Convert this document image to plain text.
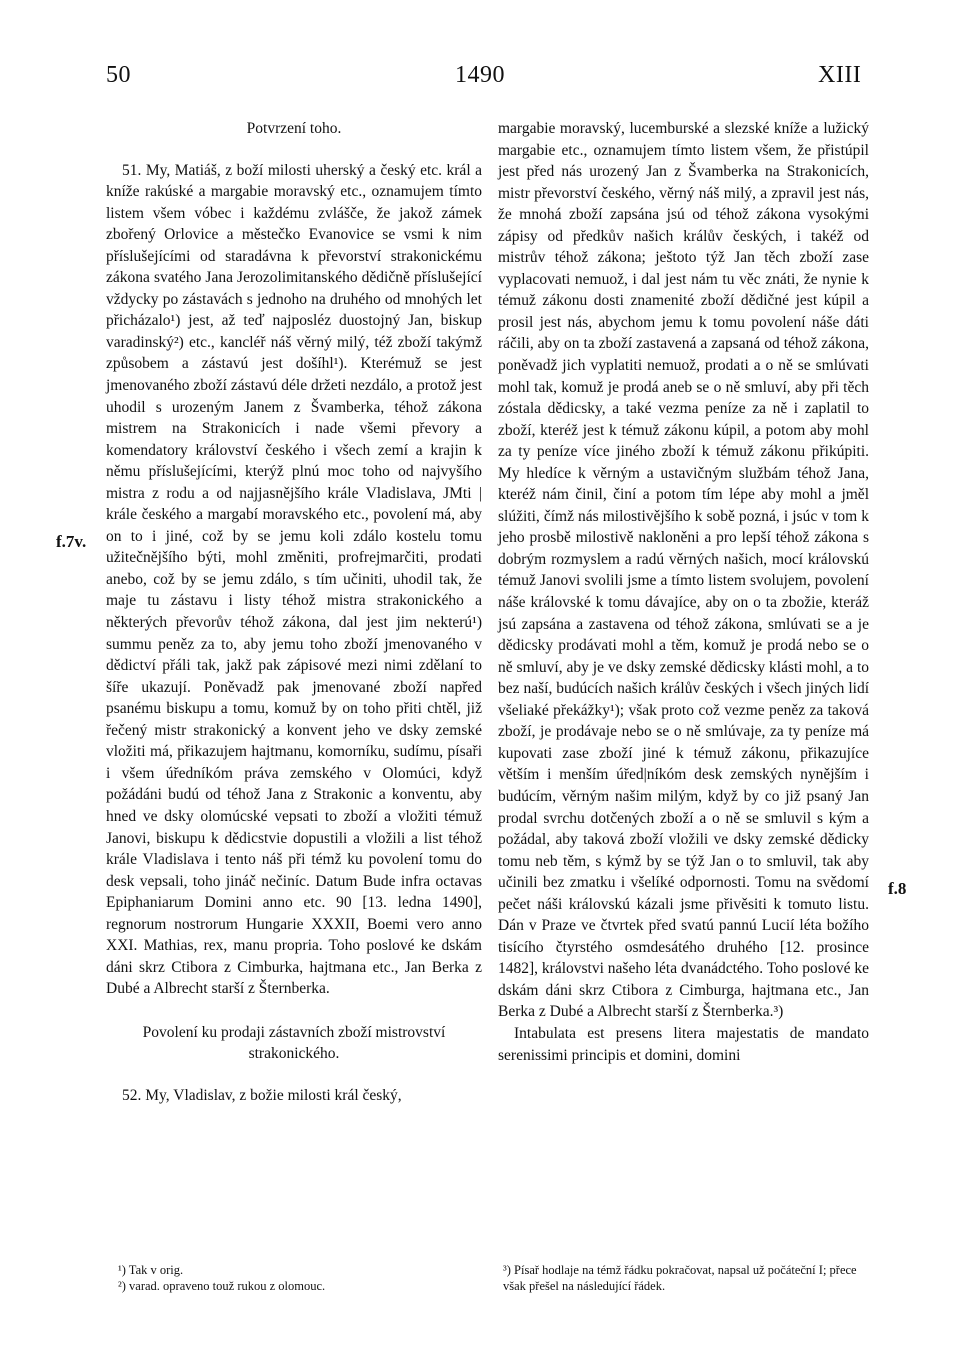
50	1490	XIII
f.7v.
f.8

Potvrzení toho.

51. My, Matiáš, z boží milosti uherský a český etc. král a kníže rakúské a margabie moravský etc., oznamujem tímto listem všem vóbec i každému zvlášče, že jakož zámek zbořený Orlovice a městečko Evanovice se vsmi k nim příslušejícími od staradávna k převorství strakonickému zákona svatého Jana Jerozolimitanského dědičně příslušející vždycky po zástavách s jednoho na druhého od mnohých let přicházalo¹) jest, až teď najposléz duostojný Jan, biskup varadinský²) etc., kancléř náš věrný milý, též zboží takýmž způsobem a zástavú jest došíhl¹). Kterémuž se jest jmenovaného zboží zástavú déle držeti nezdálo, a protož jest uhodil s urozeným Janem z Švamberka, téhož zákona mistrem na Strakonicích i nade všemi převory a komendatory království českého i všech zemí a krajin k němu příslušejícími, kterýž plnú moc toho od najvyšího mistra z rodu a od najjasnějšího krále Vladislava, JMti | krále českého a margabí moravského etc., povolení má, aby on to i jiné, což by se jemu koli zdálo kostelu tomu užitečnějšího býti, mohl změniti, profrejmarčiti, prodati anebo, což by se jemu zdálo, s tím učiniti, uhodil tak, že maje tu zástavu i listy téhož mistra strakonického a některých převorův téhož zákona, dal jest jim nekterú¹) summu peněz za to, aby jemu toho zboží jmenovaného v dědictví přáli tak, jakž pak zápisové mezi nimi zdělaní to šíře ukazují. Poněvadž pak jmenované zboží napřed psanému biskupu a tomu, komuž by on toho přiti chtěl, již řečený mistr strakonický a konvent jeho ve dsky zemské vložiti má, přikazujem hajtmanu, komorníku, sudímu, písaři i všem úředníkóm práva zemského v Olomúci, když požádáni budú od téhož Jana z Strakonic a konventu, aby hned ve dsky olomúcské vepsati to zboží a vložiti témuž Janovi, biskupu k dědicstvie dopustili a vložili a list téhož krále Vladislava i tento náš při témž ku povolení tomu do desk vepsali, toho jináč nečiníc. Datum Bude infra octavas Epiphaniarum Domini anno etc. 90 [13. ledna 1490], regnorum nostrorum Hungarie XXXII, Boemi vero anno XXI. Mathias, rex, manu propria. Toho poslové ke dskám dáni skrz Ctibora z Cimburka, hajtmana etc., Jan Berka z Dubé a Albrecht starší z Šternberka.

Povolení ku prodaji zástavních zboží mistrovství strakonického.

52. My, Vladislav, z božie milosti král český,

margabie moravský, lucemburské a slezské kníže a lužický margabie etc., oznamujem tímto listem všem, že přistúpil jest před nás urozený Jan z Švamberka na Strakonicích, mistr převorství českého, věrný náš milý, a zpravil jest nás, že mnohá zboží zapsána jsú od téhož zákona vysokými zápisy od předkův našich králův českých, i takéž od mistrův téhož zákona; ještoto týž Jan těch zboží zase vyplacovati nemuož, i dal jest nám tu věc znáti, že nynie k témuž zákonu dosti znamenité zboží dědičné jest kúpil a prosil jest nás, abychom jemu k tomu povolení náše dáti ráčili, aby on ta zboží zastavená a zapsaná od téhož zákona, poněvadž jich vyplatiti nemuož, prodati a o ně se smlúvati mohl tak, komuž je prodá aneb se o ně smluví, aby při těch zóstala dědicsky, a také vezma peníze za ně i zaplatil to zboží, kteréž jest k témuž zákonu kúpil, a potom aby mohl za ty peníze více jiného zboží k témuž zákonu přikúpiti. My hledíce k věrným a ustavičným službám téhož Jana, kteréž nám činil, činí a potom tím lépe aby mohl a jměl slúžiti, čímž nás milostivějšího k sobě pozná, i jsúc v tom k jeho prosbě milostivě nakloněni a pro lepší téhož zákona s dobrým rozmyslem a radú věrných našich, mocí královskú témuž Janovi svolili jsme a tímto listem svolujem, povolení náše královské k tomu dávajíce, aby on o ta zbožie, kteráž jsú zapsána a zastavena od téhož zákona, smlúvati se a je dědicsky prodávati mohl a těm, komuž je prodá nebo se o ně smluví, aby je ve dsky zemské dědicsky klásti mohl, a to bez naší, budúcích našich králův českých i všech jiných lidí všeliaké překážky¹); však proto což vezme peněz za taková zboží, je prodávaje nebo se o ně smlúvaje, za ty peníze má kupovati zase zboží jiné k témuž zákonu, přikazujíce větším i menším úřed|níkóm desk zemských nynějším i budúcím, věrným našim milým, když by co již psaný Jan prodal svrchu dotčených zboží a o ně se smluvil s kým a požádal, aby taková zboží vložili ve dsky zemské dědicky tomu neb těm, s kýmž by se týž Jan o to smluvil, tak aby učinili bez zmatku i všelíké odpornosti. Tomu na svědomí pečet náši královskú kázali jsme přivěsiti k tomuto listu. Dán v Praze ve čtvrtek před svatú pannú Lucií léta božího tisícího čtyrstého osmdesátého druhého [12. prosince 1482], královstvi našeho léta dvanádctého. Toho poslové ke dskám dáni skrz Ctibora z Cimburga, hajtmana etc., Jan Berka z Dubé a Albrecht starší z Šternberka.³)

Intabulata est presens litera majestatis de mandato serenissimi principis et domini, domini

¹) Tak v orig.

²) varad. opraveno touž rukou z olomouc.

³) Písař hodlaje na témž řádku pokračovat, napsal už počáteční I; přece však přešel na následující řádek.
